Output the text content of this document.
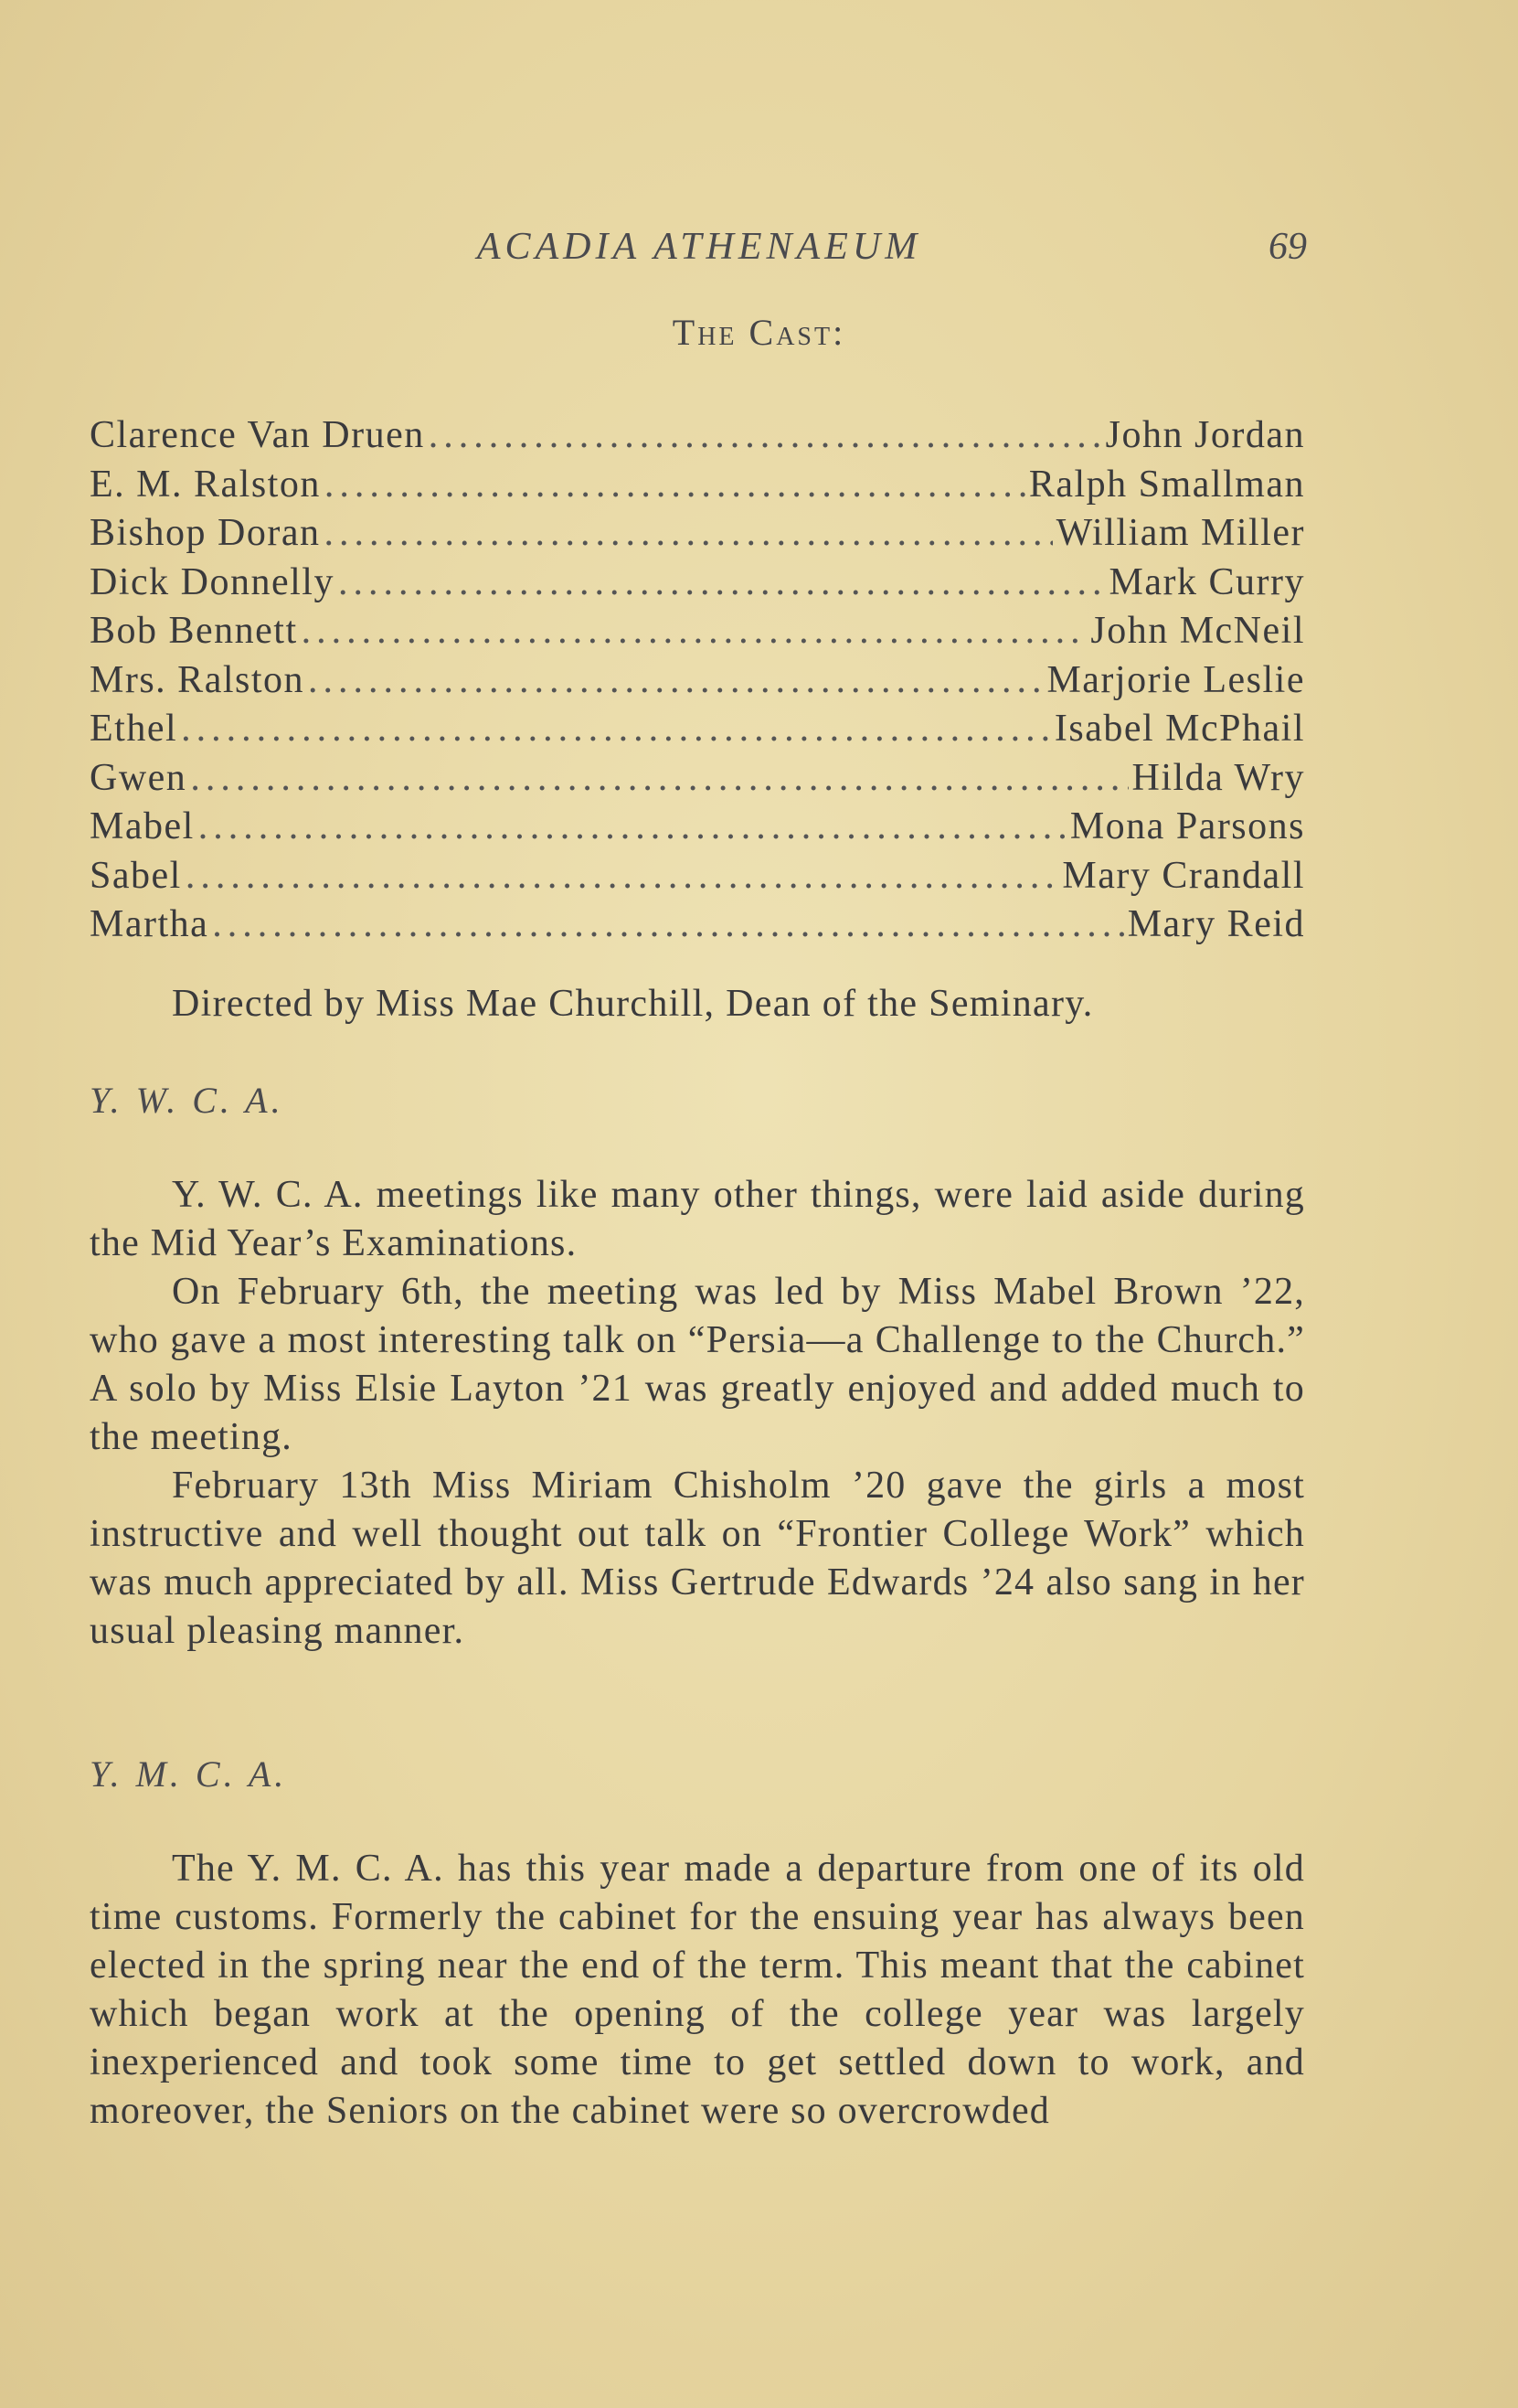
ACADIA ATHENAEUM	69
The Cast:
Clarence Van Druen .....	John Jordan
E. M. Ralston .....	Ralph Smallman
Bishop Doran .....	William Miller
Dick Donnelly .....	Mark Curry
Bob Bennett .....	John McNeil
Mrs. Ralston .....	Marjorie Leslie
Ethel .....	Isabel McPhail
Gwen .....	Hilda Wry
Mabel .....	Mona Parsons
Sabel .....	Mary Crandall
Martha .....	Mary Reid
Directed by Miss Mae Churchill, Dean of the Seminary.
Y. W. C. A.

Y. W. C. A. meetings like many other things, were laid aside during the Mid Year’s Examinations.

On February 6th, the meeting was led by Miss Mabel Brown ’22, who gave a most interesting talk on “Persia—a Challenge to the Church.” A solo by Miss Elsie Layton ’21 was greatly enjoyed and added much to the meeting.

February 13th Miss Miriam Chisholm ’20 gave the girls a most instructive and well thought out talk on “Frontier College Work” which was much appreciated by all. Miss Gertrude Edwards ’24 also sang in her usual pleasing manner.

Y. M. C. A.

The Y. M. C. A. has this year made a departure from one of its old time customs. Formerly the cabinet for the ensuing year has always been elected in the spring near the end of the term. This meant that the cabinet which began work at the opening of the college year was largely inexperienced and took some time to get settled down to work, and moreover, the Seniors on the cabinet were so overcrowded
